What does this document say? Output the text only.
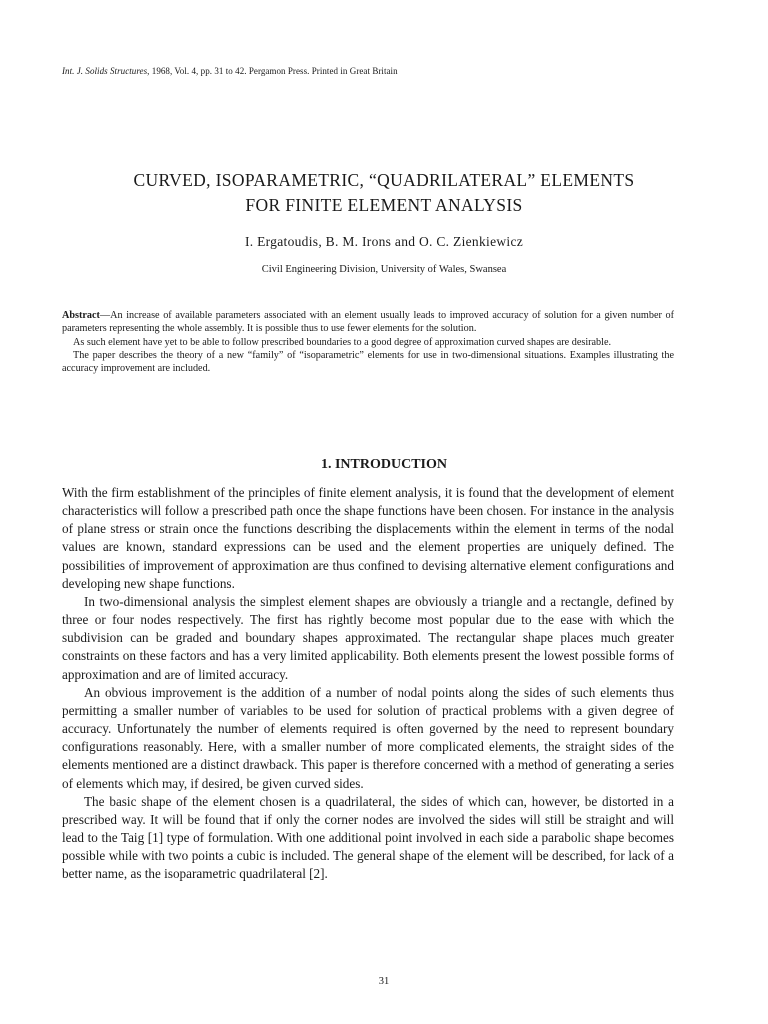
Int. J. Solids Structures, 1968, Vol. 4, pp. 31 to 42. Pergamon Press. Printed in Great Britain
CURVED, ISOPARAMETRIC, “QUADRILATERAL” ELEMENTS
FOR FINITE ELEMENT ANALYSIS
I. Ergatoudis, B. M. Irons and O. C. Zienkiewicz
Civil Engineering Division, University of Wales, Swansea

Abstract—An increase of available parameters associated with an element usually leads to improved accuracy of solution for a given number of parameters representing the whole assembly. It is possible thus to use fewer elements for the solution.

As such element have yet to be able to follow prescribed boundaries to a good degree of approximation curved shapes are desirable.

The paper describes the theory of a new “family” of “isoparametric” elements for use in two-dimensional situations. Examples illustrating the accuracy improvement are included.

1. INTRODUCTION

With the firm establishment of the principles of finite element analysis, it is found that the development of element characteristics will follow a prescribed path once the shape functions have been chosen. For instance in the analysis of plane stress or strain once the functions describing the displacements within the element in terms of the nodal values are known, standard expressions can be used and the element properties are uniquely defined. The possibilities of improvement of approximation are thus confined to devising alternative element configurations and developing new shape functions.

In two-dimensional analysis the simplest element shapes are obviously a triangle and a rectangle, defined by three or four nodes respectively. The first has rightly become most popular due to the ease with which the subdivision can be graded and boundary shapes approximated. The rectangular shape places much greater constraints on these factors and has a very limited applicability. Both elements present the lowest possible forms of approximation and are of limited accuracy.

An obvious improvement is the addition of a number of nodal points along the sides of such elements thus permitting a smaller number of variables to be used for solution of practical problems with a given degree of accuracy. Unfortunately the number of elements required is often governed by the need to represent boundary configurations reasonably. Here, with a smaller number of more complicated elements, the straight sides of the elements mentioned are a distinct drawback. This paper is therefore concerned with a method of generating a series of elements which may, if desired, be given curved sides.

The basic shape of the element chosen is a quadrilateral, the sides of which can, however, be distorted in a prescribed way. It will be found that if only the corner nodes are involved the sides will still be straight and will lead to the Taig [1] type of formulation. With one additional point involved in each side a parabolic shape becomes possible while with two points a cubic is included. The general shape of the element will be described, for lack of a better name, as the isoparametric quadrilateral [2].

31
